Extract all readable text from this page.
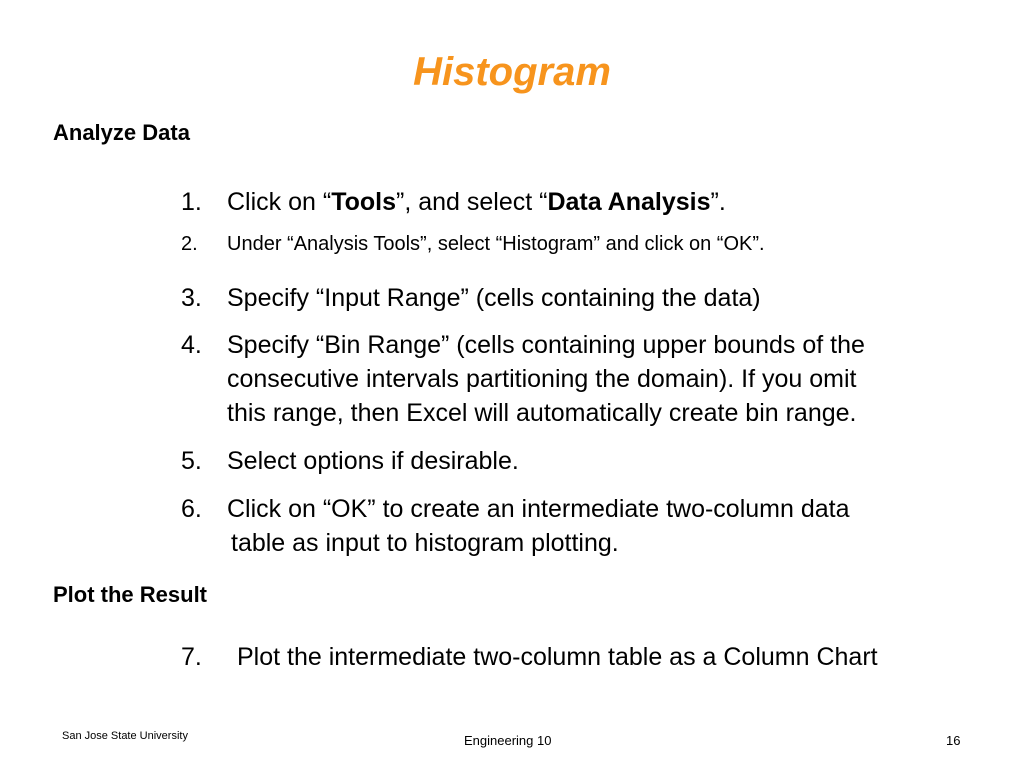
Histogram
Analyze Data
1. Click on “Tools”, and select “Data Analysis”.
2. Under “Analysis Tools”, select “Histogram” and click on “OK”.
3. Specify “Input Range” (cells containing the data)
4. Specify “Bin Range” (cells containing upper bounds of the
consecutive intervals partitioning the domain). If you omit
this range, then Excel will automatically create bin range.
5. Select options if desirable.
6. Click on “OK” to create an intermediate two-column data
table as input to histogram plotting.
Plot the Result
7. Plot the intermediate two-column table as a Column Chart
San Jose State University	Engineering 10	16
